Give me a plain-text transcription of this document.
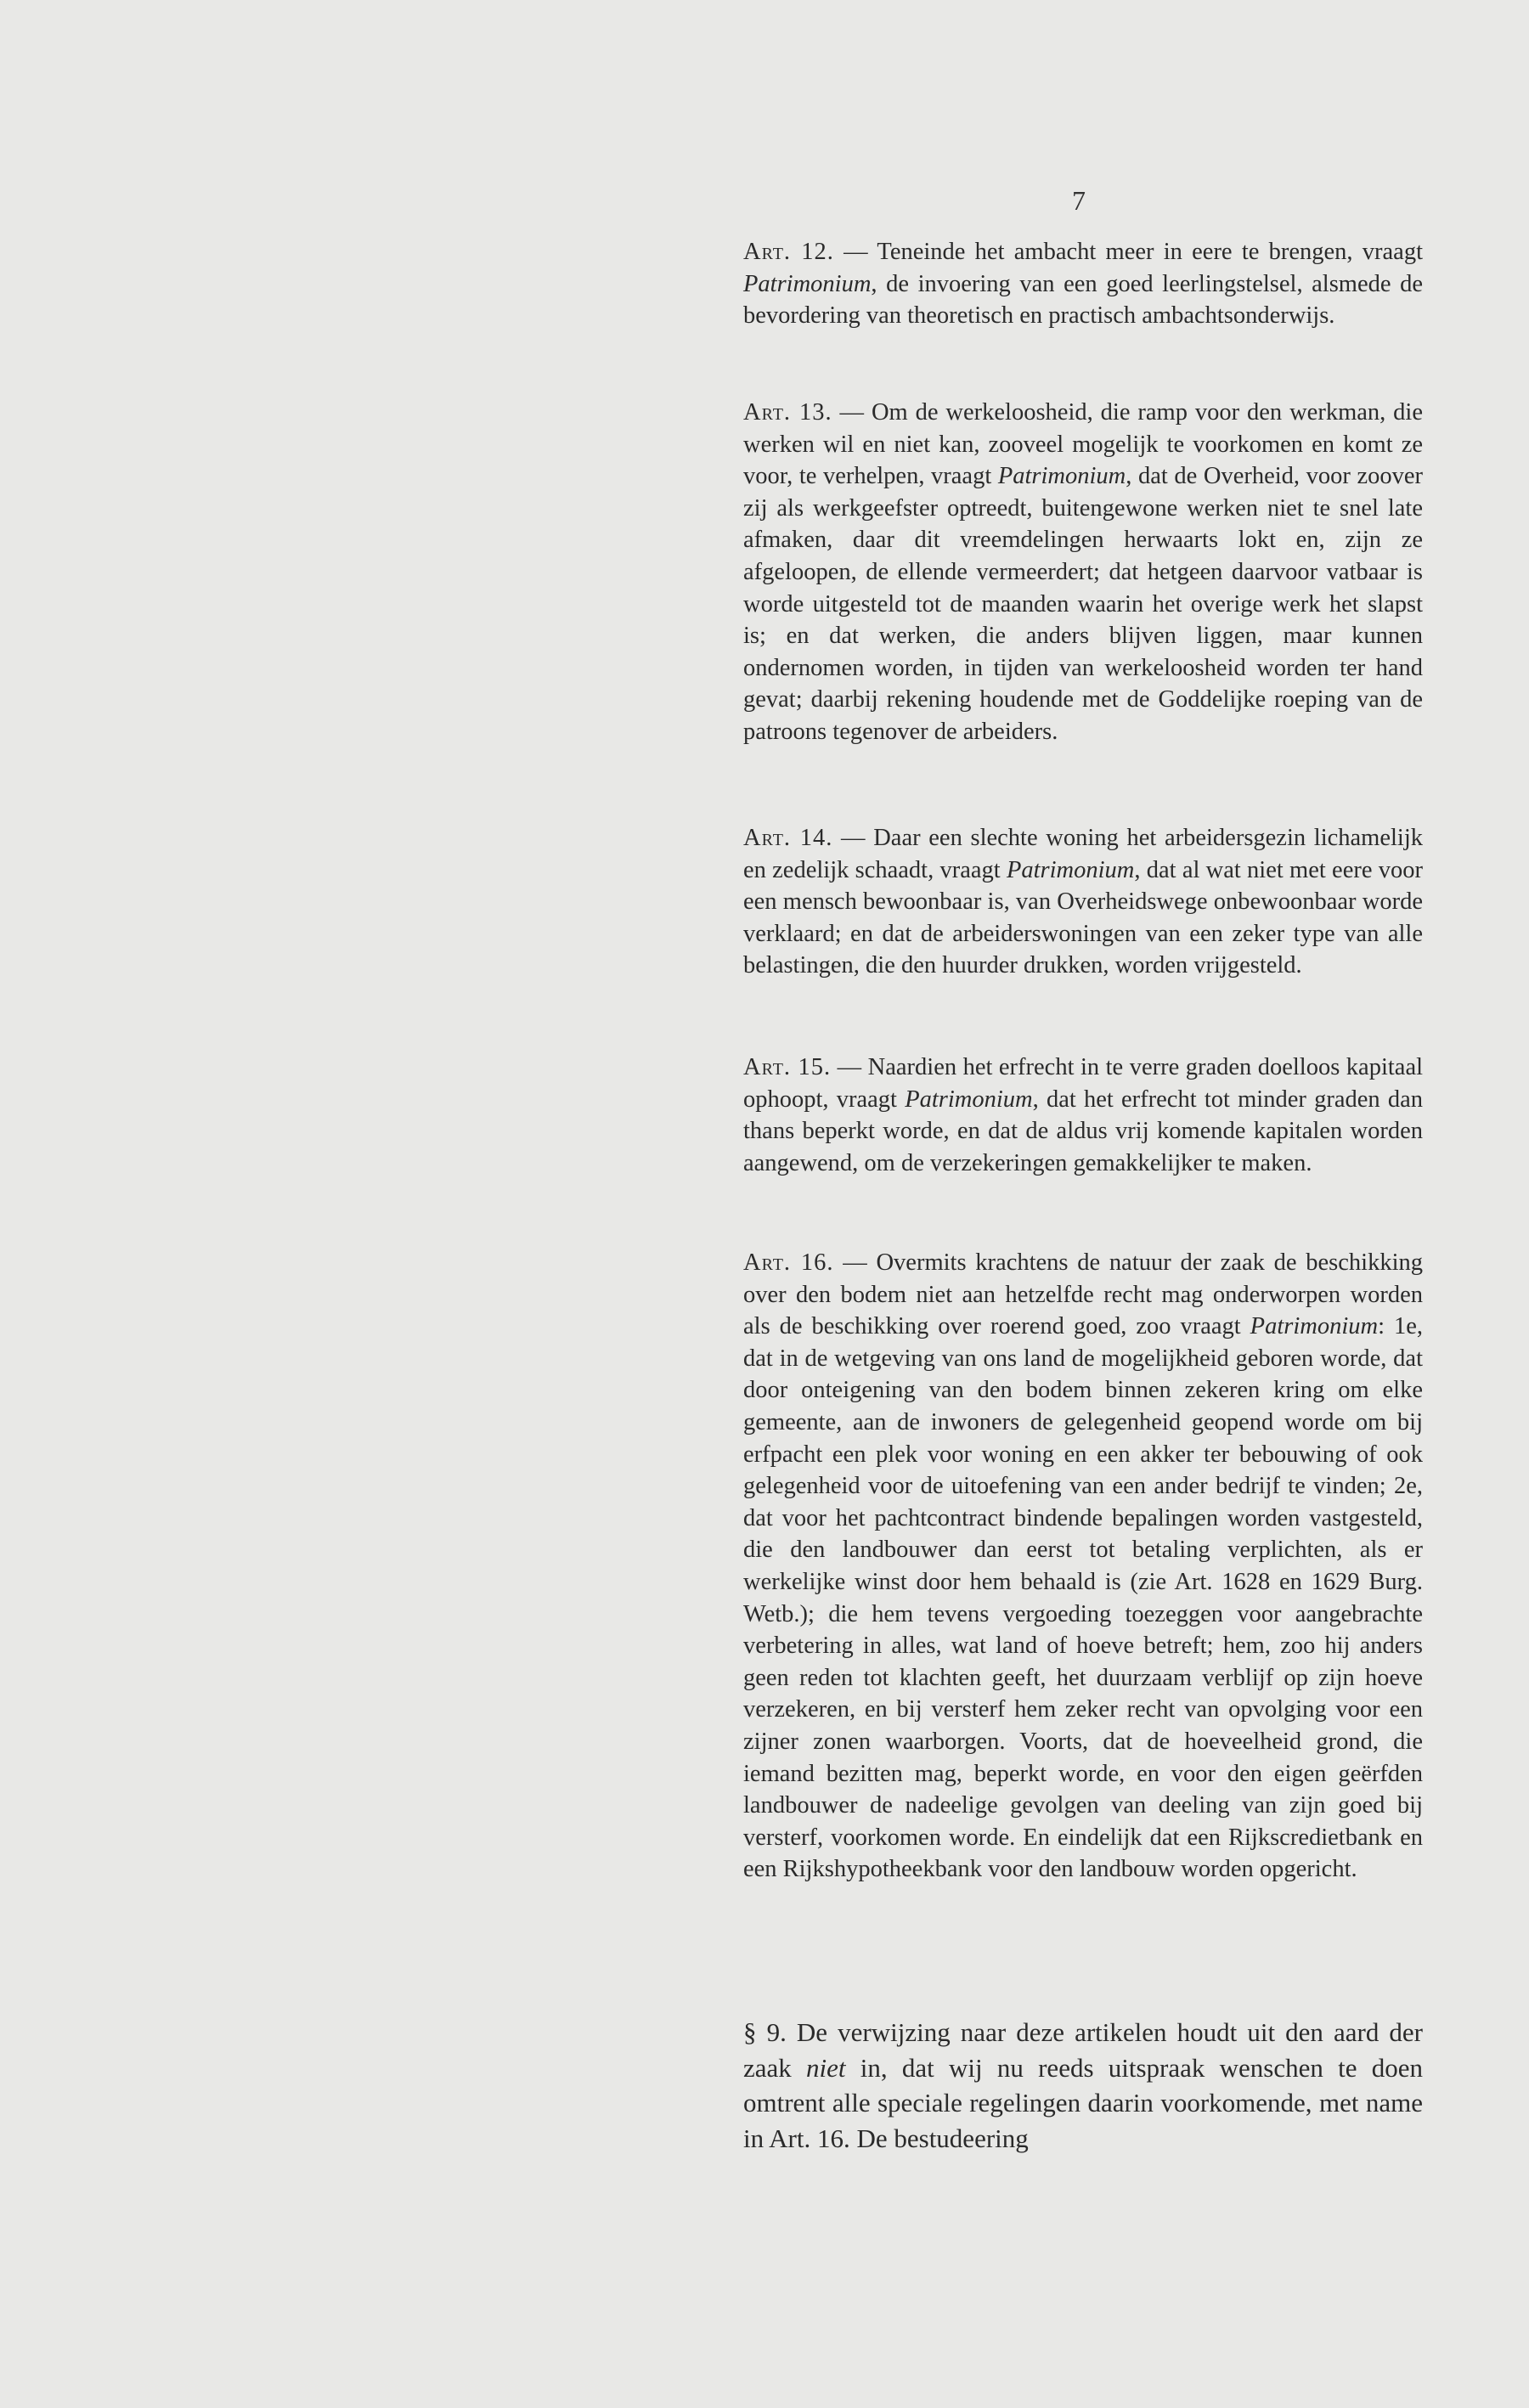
7

Art. 12. — Teneinde het ambacht meer in eere te brengen, vraagt Patrimonium, de invoering van een goed leerlingstelsel, alsmede de bevordering van theoretisch en practisch ambachtsonderwijs.

Art. 13. — Om de werkeloosheid, die ramp voor den werkman, die werken wil en niet kan, zooveel mogelijk te voorkomen en komt ze voor, te verhelpen, vraagt Patrimonium, dat de Overheid, voor zoover zij als werkgeefster optreedt, buitengewone werken niet te snel late afmaken, daar dit vreemdelingen herwaarts lokt en, zijn ze afgeloopen, de ellende vermeerdert; dat hetgeen daarvoor vatbaar is worde uitgesteld tot de maanden waarin het overige werk het slapst is; en dat werken, die anders blijven liggen, maar kunnen ondernomen worden, in tijden van werkeloosheid worden ter hand gevat; daarbij rekening houdende met de Goddelijke roeping van de patroons tegenover de arbeiders.

Art. 14. — Daar een slechte woning het arbeidersgezin lichamelijk en zedelijk schaadt, vraagt Patrimonium, dat al wat niet met eere voor een mensch bewoonbaar is, van Overheidswege onbewoonbaar worde verklaard; en dat de arbeiderswoningen van een zeker type van alle belastingen, die den huurder drukken, worden vrijgesteld.

Art. 15. — Naardien het erfrecht in te verre graden doelloos kapitaal ophoopt, vraagt Patrimonium, dat het erfrecht tot minder graden dan thans beperkt worde, en dat de aldus vrij komende kapitalen worden aangewend, om de verzekeringen gemakkelijker te maken.

Art. 16. — Overmits krachtens de natuur der zaak de beschikking over den bodem niet aan hetzelfde recht mag onderworpen worden als de beschikking over roerend goed, zoo vraagt Patrimonium: 1e, dat in de wetgeving van ons land de mogelijkheid geboren worde, dat door onteigening van den bodem binnen zekeren kring om elke gemeente, aan de inwoners de gelegenheid geopend worde om bij erfpacht een plek voor woning en een akker ter bebouwing of ook gelegenheid voor de uitoefening van een ander bedrijf te vinden; 2e, dat voor het pachtcontract bindende bepalingen worden vastgesteld, die den landbouwer dan eerst tot betaling verplichten, als er werkelijke winst door hem behaald is (zie Art. 1628 en 1629 Burg. Wetb.); die hem tevens vergoeding toezeggen voor aangebrachte verbetering in alles, wat land of hoeve betreft; hem, zoo hij anders geen reden tot klachten geeft, het duurzaam verblijf op zijn hoeve verzekeren, en bij versterf hem zeker recht van opvolging voor een zijner zonen waarborgen. Voorts, dat de hoeveelheid grond, die iemand bezitten mag, beperkt worde, en voor den eigen geërfden landbouwer de nadeelige gevolgen van deeling van zijn goed bij versterf, voorkomen worde. En eindelijk dat een Rijkscredietbank en een Rijkshypotheekbank voor den landbouw worden opgericht.

§ 9. De verwijzing naar deze artikelen houdt uit den aard der zaak niet in, dat wij nu reeds uitspraak wenschen te doen omtrent alle speciale regelingen daarin voorkomende, met name in Art. 16. De bestudeering
